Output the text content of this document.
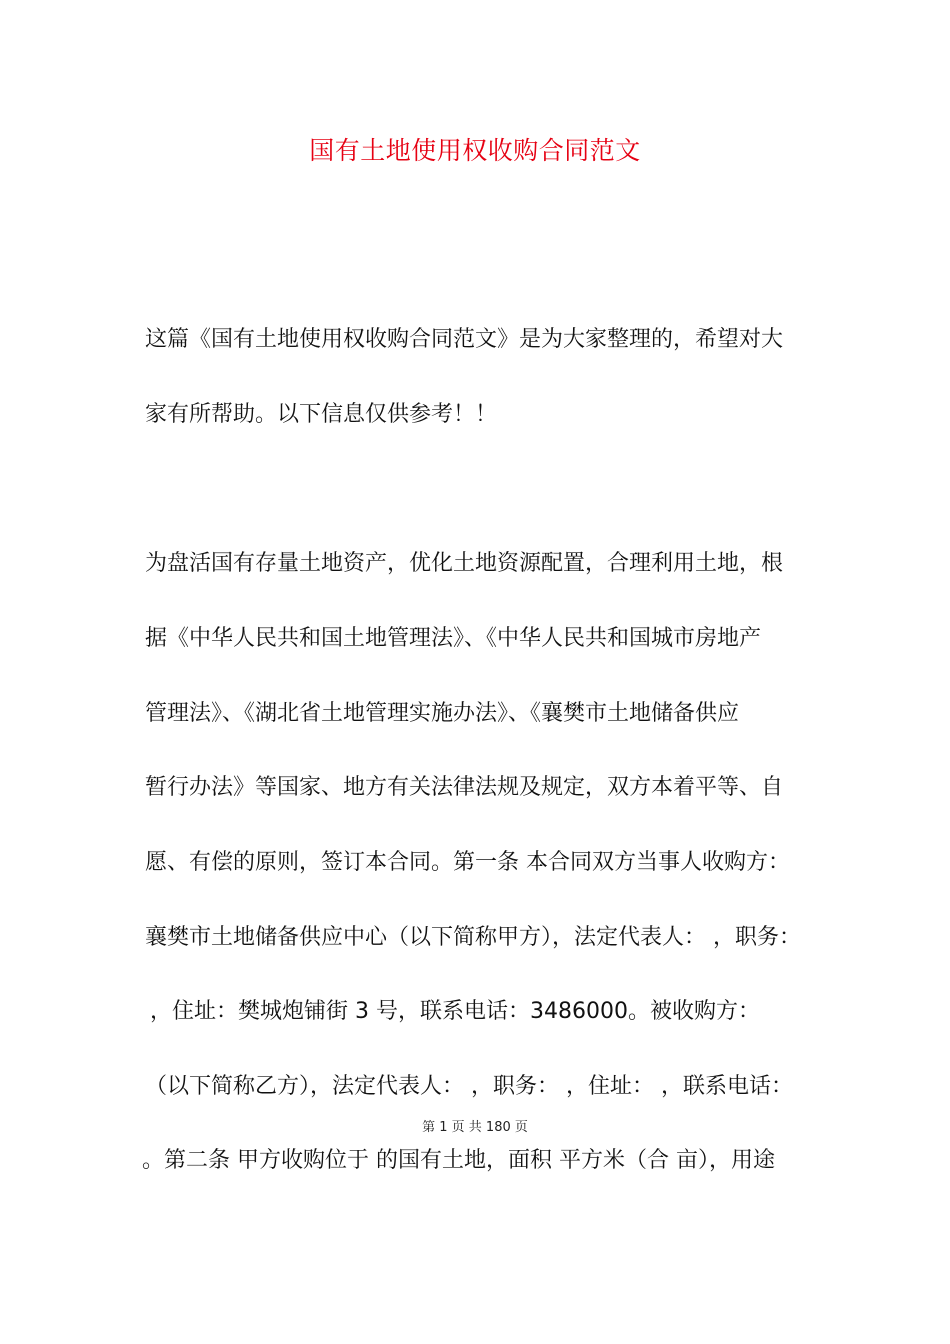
国有土地使用权收购合同范文
这篇《国有土地使用权收购合同范文》是为大家整理的，希望对大
家有所帮助。以下信息仅供参考！！
为盘活国有存量土地资产，优化土地资源配置，合理利用土地，根
据《中华人民共和国土地管理法》、《中华人民共和国城市房地产
管理法》、《湖北省土地管理实施办法》、《襄樊市土地储备供应
暂行办法》等国家、地方有关法律法规及规定，双方本着平等、自
愿、有偿的原则，签订本合同。第一条 本合同双方当事人收购方：
襄樊市土地储备供应中心（以下简称甲方），法定代表人： ，职务：
，住址：樊城炮铺街 3 号，联系电话：3486000。被收购方：
（以下简称乙方），法定代表人： ，职务： ，住址： ，联系电话：
。第二条 甲方收购位于 的国有土地，面积 平方米（合 亩），用途
第 1 页 共 180 页
